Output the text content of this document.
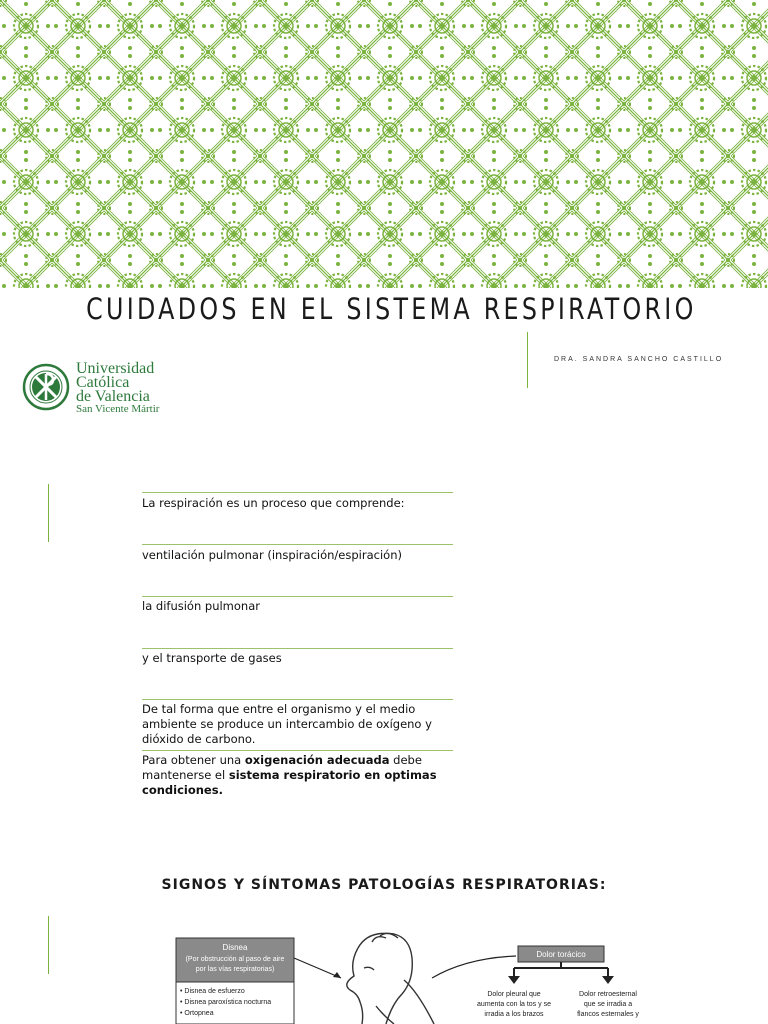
CUIDADOS EN EL SISTEMA RESPIRATORIO
DRA. SANDRA SANCHO CASTILLO
Universidad
Católica
de Valencia
San Vicente Mártir
La respiración es un proceso que comprende:
ventilación pulmonar (inspiración/espiración)
la difusión pulmonar
y el transporte de gases
De tal forma que entre el organismo y el medio ambiente se produce un intercambio de oxígeno y dióxido de carbono.
Para obtener una oxigenación adecuada debe mantenerse el sistema respiratorio en optimas condiciones.
SIGNOS Y SÍNTOMAS PATOLOGÍAS RESPIRATORIAS:
Disnea
(Por obstrucción al paso de aire
por las vías respiratorias)
• Disnea de esfuerzo
• Disnea paroxística nocturna
• Ortopnea
Dolor torácico
Dolor pleural que
aumenta con la tos y se
irradia a los brazos
Dolor retroesternal
que se irradia a
flancos esternales y
